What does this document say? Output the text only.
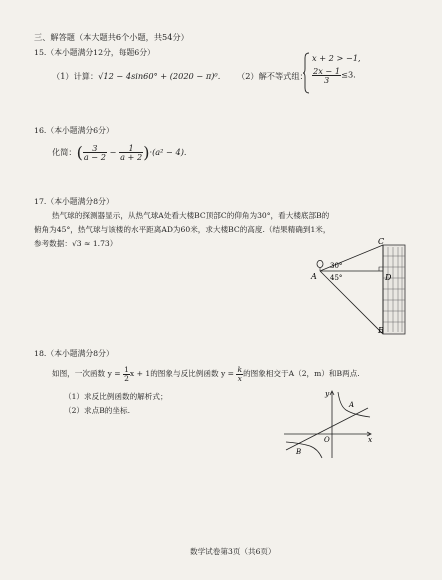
三、解答题（本大题共6个小题，共54分）
15.（本小题满分12分，每题6分）
（1）计算：√12 − 4sin60° + (2020 − π)⁰. （2）解不等式组：
x + 2 > −1,
$\frac{2x - 1}{3} \le 3$.
16.（本小题满分6分）
化简：( $\frac{3}{a - 2} - \frac{1}{a + 2} )\cdot(a^2 - 4)$.
17.（本小题满分8分）
热气球的探测器显示，从热气球A处看大楼BC顶部C的仰角为30°，看大楼底部B的
俯角为45°，热气球与该楼的水平距离AD为60米，求大楼BC的高度.（结果精确到1米，
参考数据：√3 ≈ 1.73）	C
D
A
B
30°
45°
18.（本小题满分8分）
如图，一次函数 $y = \frac{1}{2}$ x + 1的图象与反比例函数 $y = \frac{k}{x}$ 的图象相交于A（2，m）和B两点.
（1）求反比例函数的解析式；
（2）求点B的坐标.
y
x
O
A
B
数学试卷第3页（共6页）
